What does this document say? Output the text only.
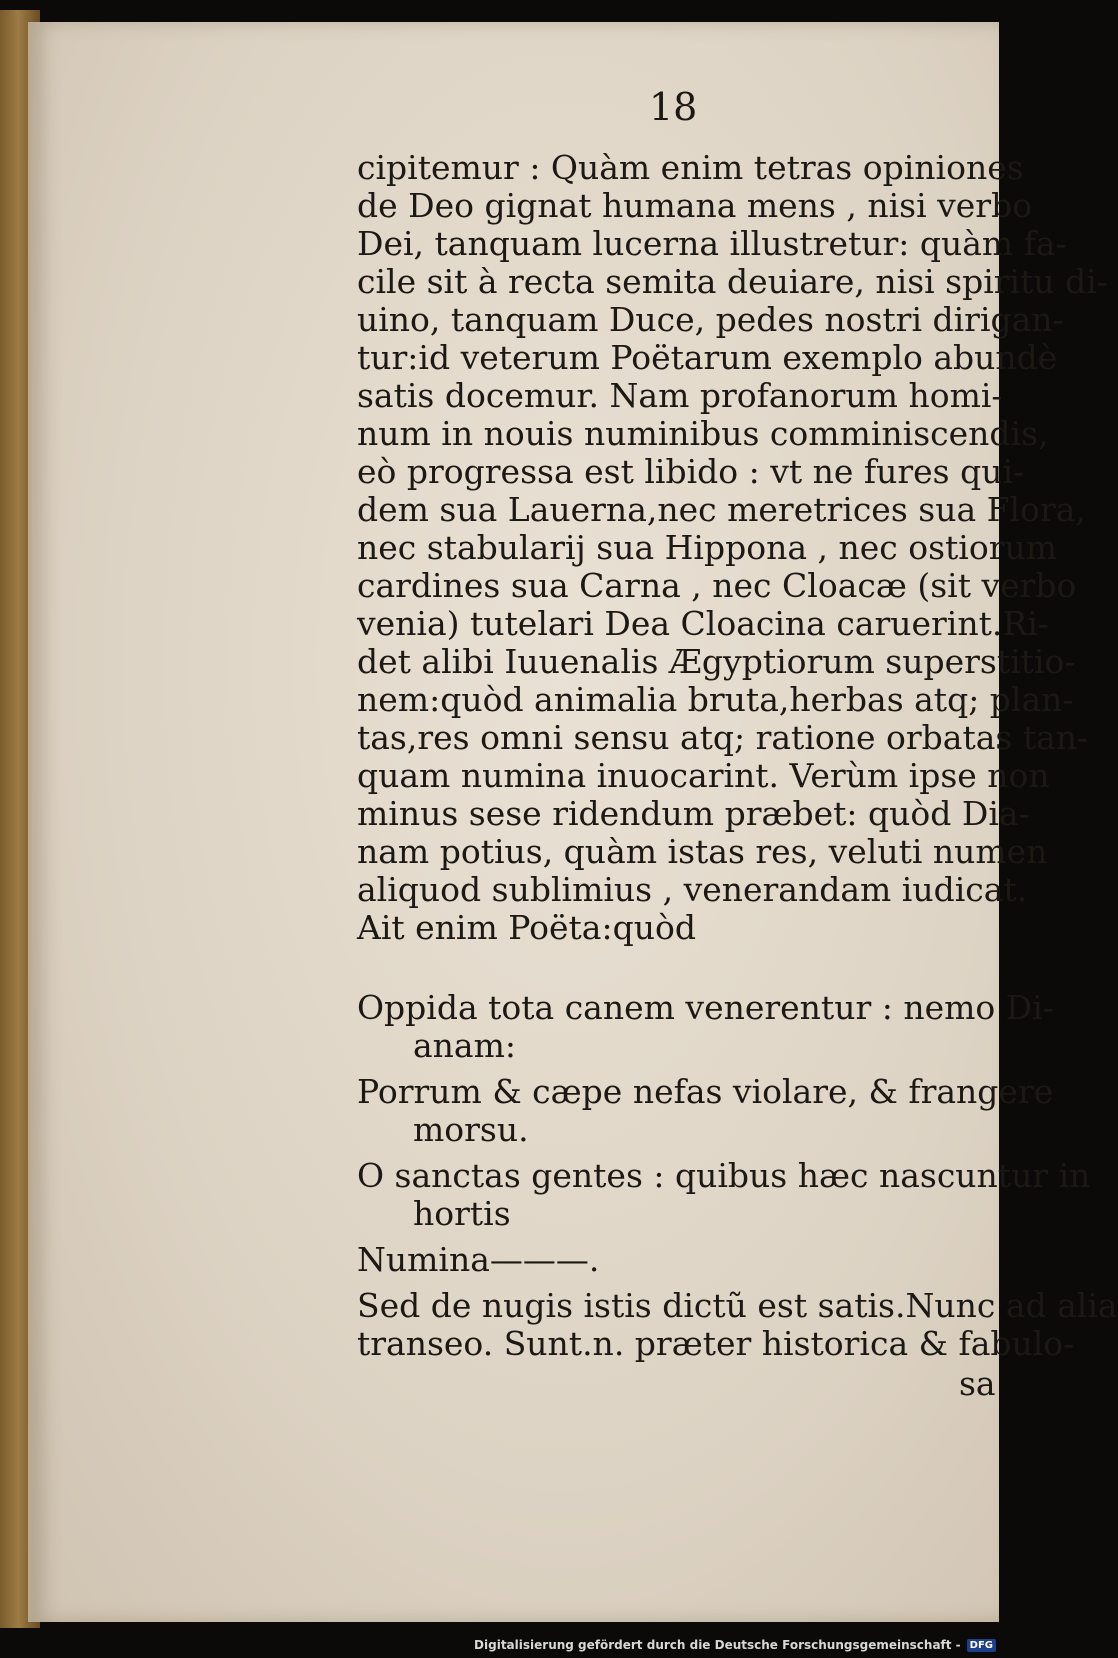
18
cipitemur : Quàm enim tetras opiniones
de Deo gignat humana mens , nisi verbo
Dei, tanquam lucerna illustretur: quàm fa-
cile sit à recta semita deuiare, nisi spiritu di-
uino, tanquam Duce, pedes nostri dirigan-
tur:id veterum Poëtarum exemplo abundè
satis docemur. Nam profanorum homi-
num in nouis numinibus comminiscendis,
eò progressa est libido : vt ne fures qui-
dem sua Lauerna,nec meretrices sua Flora,
nec stabularij sua Hippona , nec ostiorum
cardines sua Carna , nec Cloacæ (sit verbo
venia) tutelari Dea Cloacina caruerint.Ri-
det alibi Iuuenalis Ægyptiorum superstitio-
nem:quòd animalia bruta,herbas atq; plan-
tas,res omni sensu atq; ratione orbatas tan-
quam numina inuocarint. Verùm ipse non
minus sese ridendum præbet: quòd Dia-
nam potius, quàm istas res, veluti numen
aliquod sublimius , venerandam iudicat.
Ait enim Poëta:quòd
Oppida tota canem venerentur : nemo Di-
anam:
Porrum & cæpe nefas violare, & frangere
morsu.
O sanctas gentes : quibus hæc nascuntur in
hortis
Numina———.
Sed de nugis istis dictũ est satis.Nunc ad alia
transeo. Sunt.n. præter historica & fabulo-
sa
Digitalisierung gefördert durch die Deutsche Forschungsgemeinschaft - DFG
